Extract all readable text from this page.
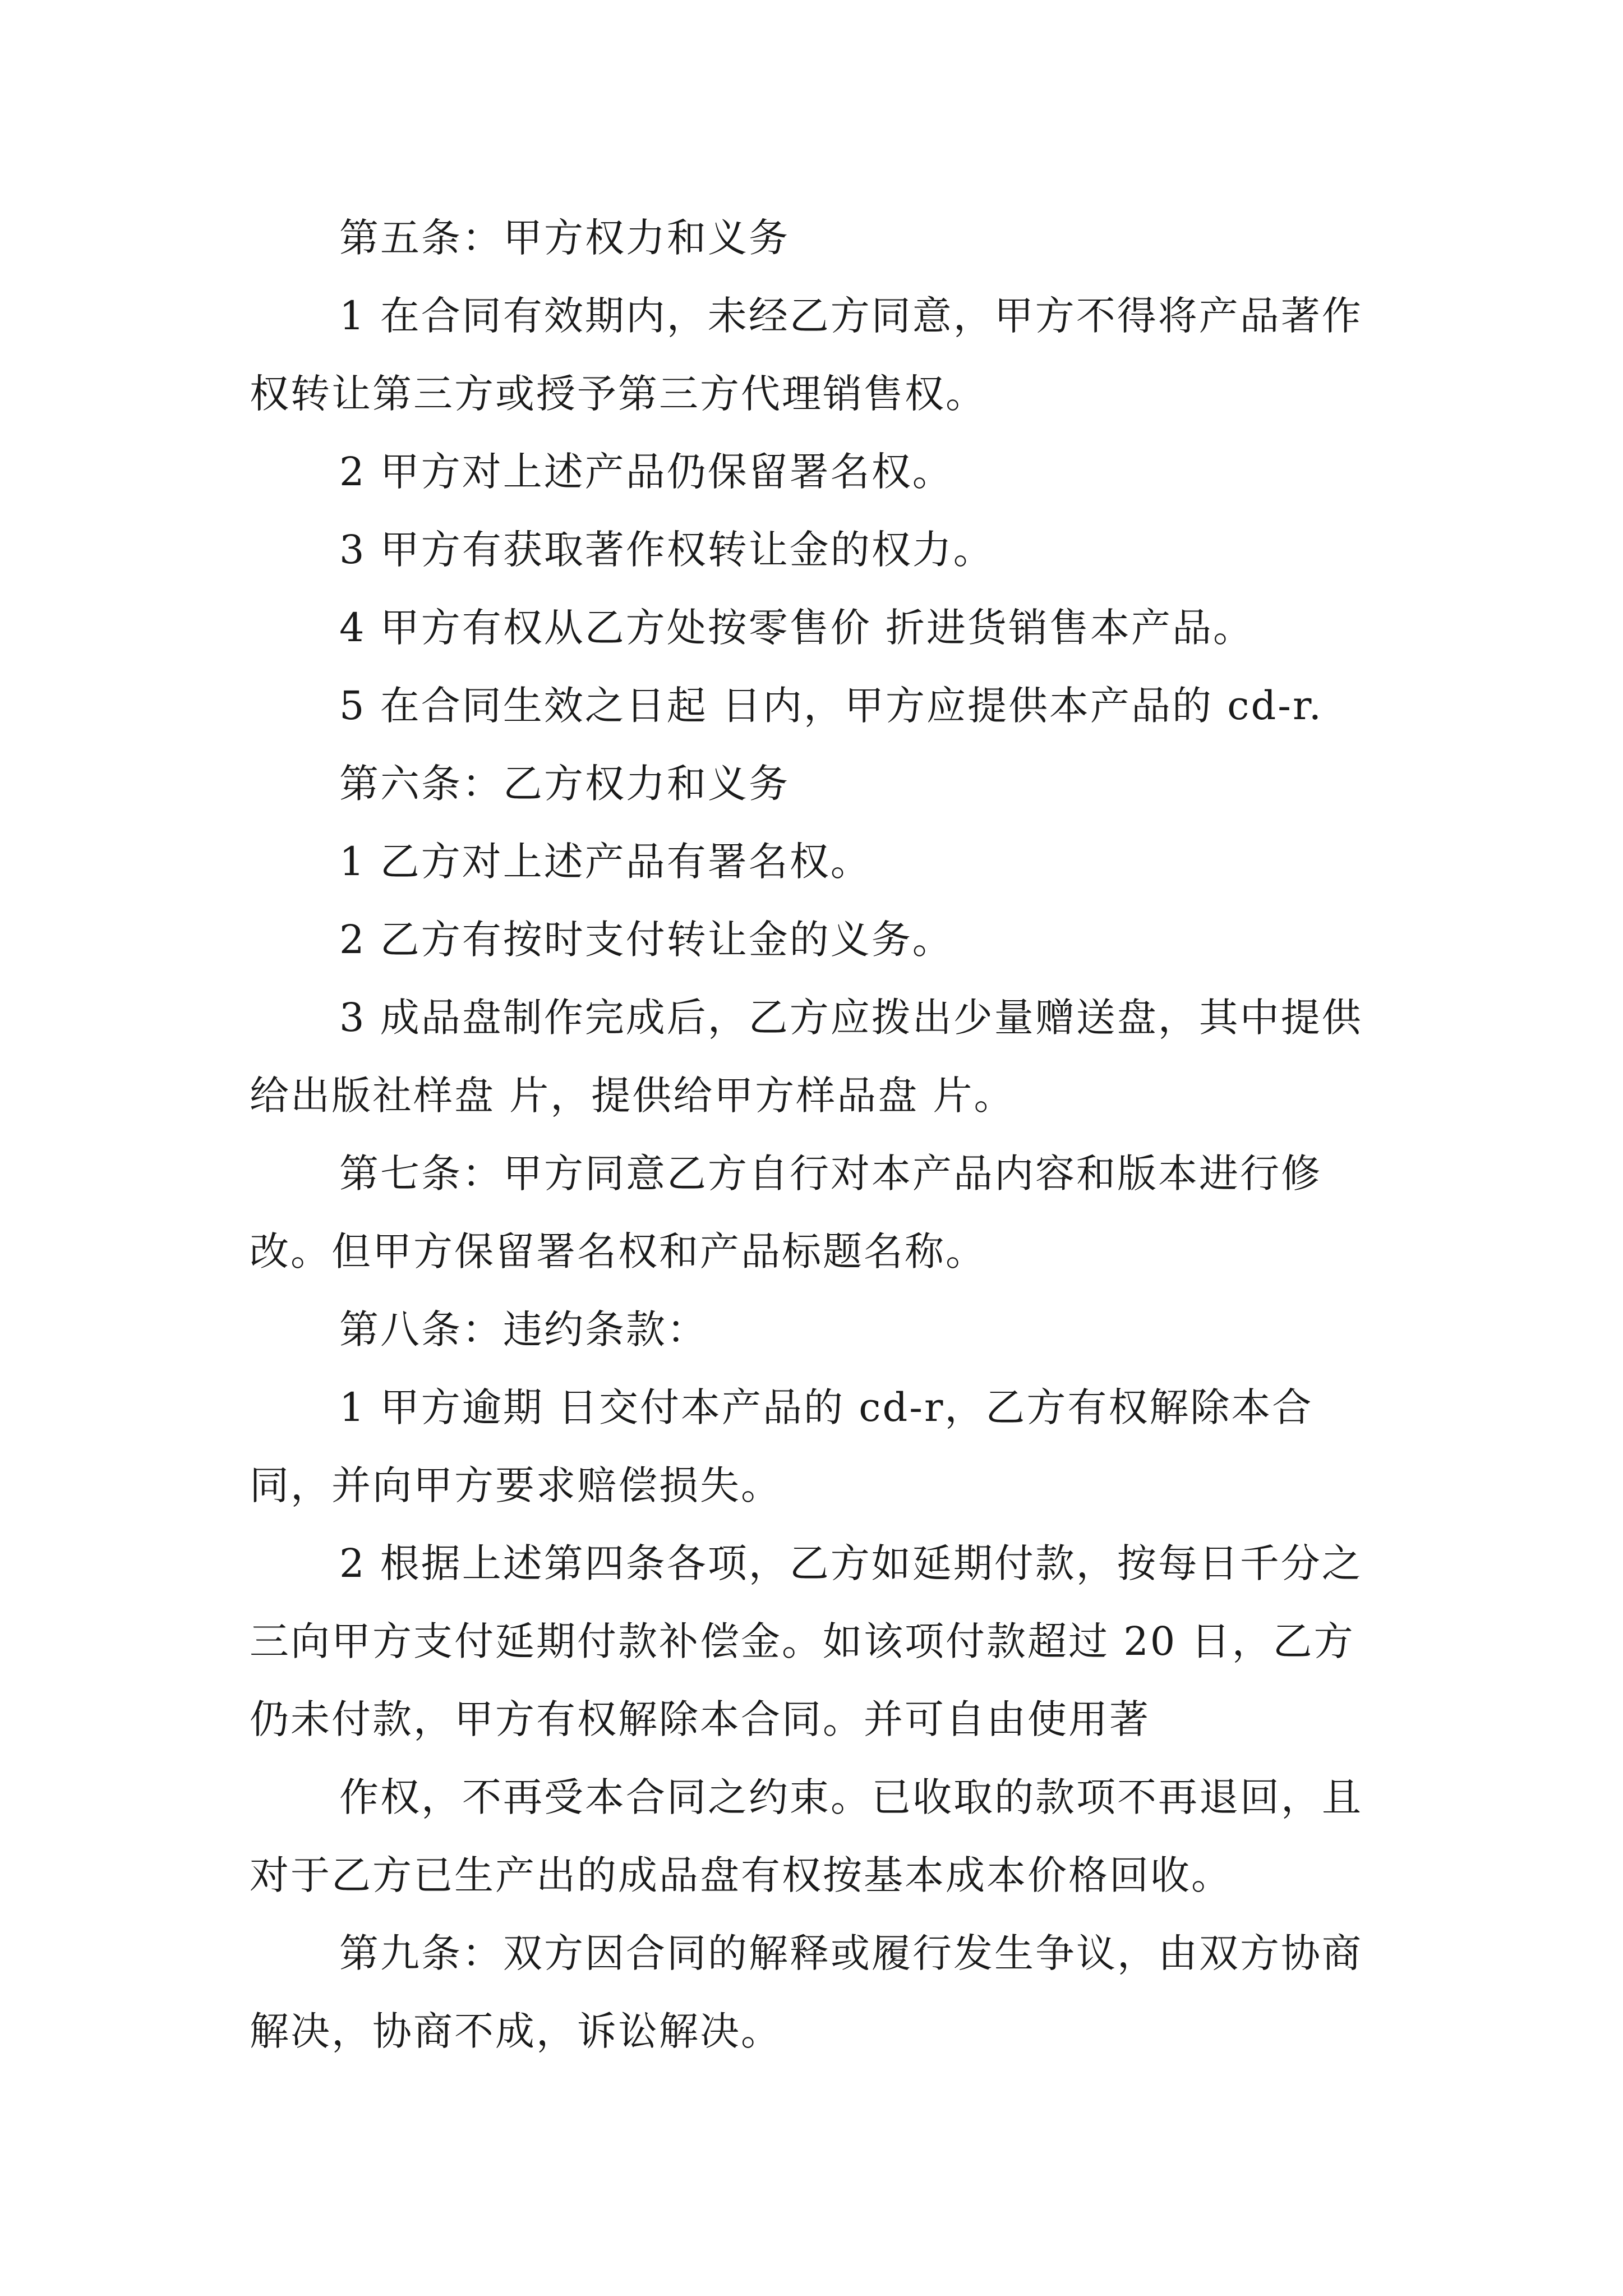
第五条：甲方权力和义务

1 在合同有效期内，未经乙方同意，甲方不得将产品著作权转让第三方或授予第三方代理销售权。

2 甲方对上述产品仍保留署名权。

3 甲方有获取著作权转让金的权力。

4 甲方有权从乙方处按零售价 折进货销售本产品。

5 在合同生效之日起 日内，甲方应提供本产品的 cd-r.

第六条：乙方权力和义务

1 乙方对上述产品有署名权。

2 乙方有按时支付转让金的义务。

3 成品盘制作完成后，乙方应拨出少量赠送盘，其中提供给出版社样盘 片，提供给甲方样品盘 片。

第七条：甲方同意乙方自行对本产品内容和版本进行修改。但甲方保留署名权和产品标题名称。

第八条：违约条款：

1 甲方逾期 日交付本产品的 cd-r，乙方有权解除本合同，并向甲方要求赔偿损失。

2 根据上述第四条各项，乙方如延期付款，按每日千分之三向甲方支付延期付款补偿金。如该项付款超过 20 日，乙方仍未付款，甲方有权解除本合同。并可自由使用著

作权，不再受本合同之约束。已收取的款项不再退回，且对于乙方已生产出的成品盘有权按基本成本价格回收。

第九条：双方因合同的解释或履行发生争议，由双方协商解决，协商不成，诉讼解决。
